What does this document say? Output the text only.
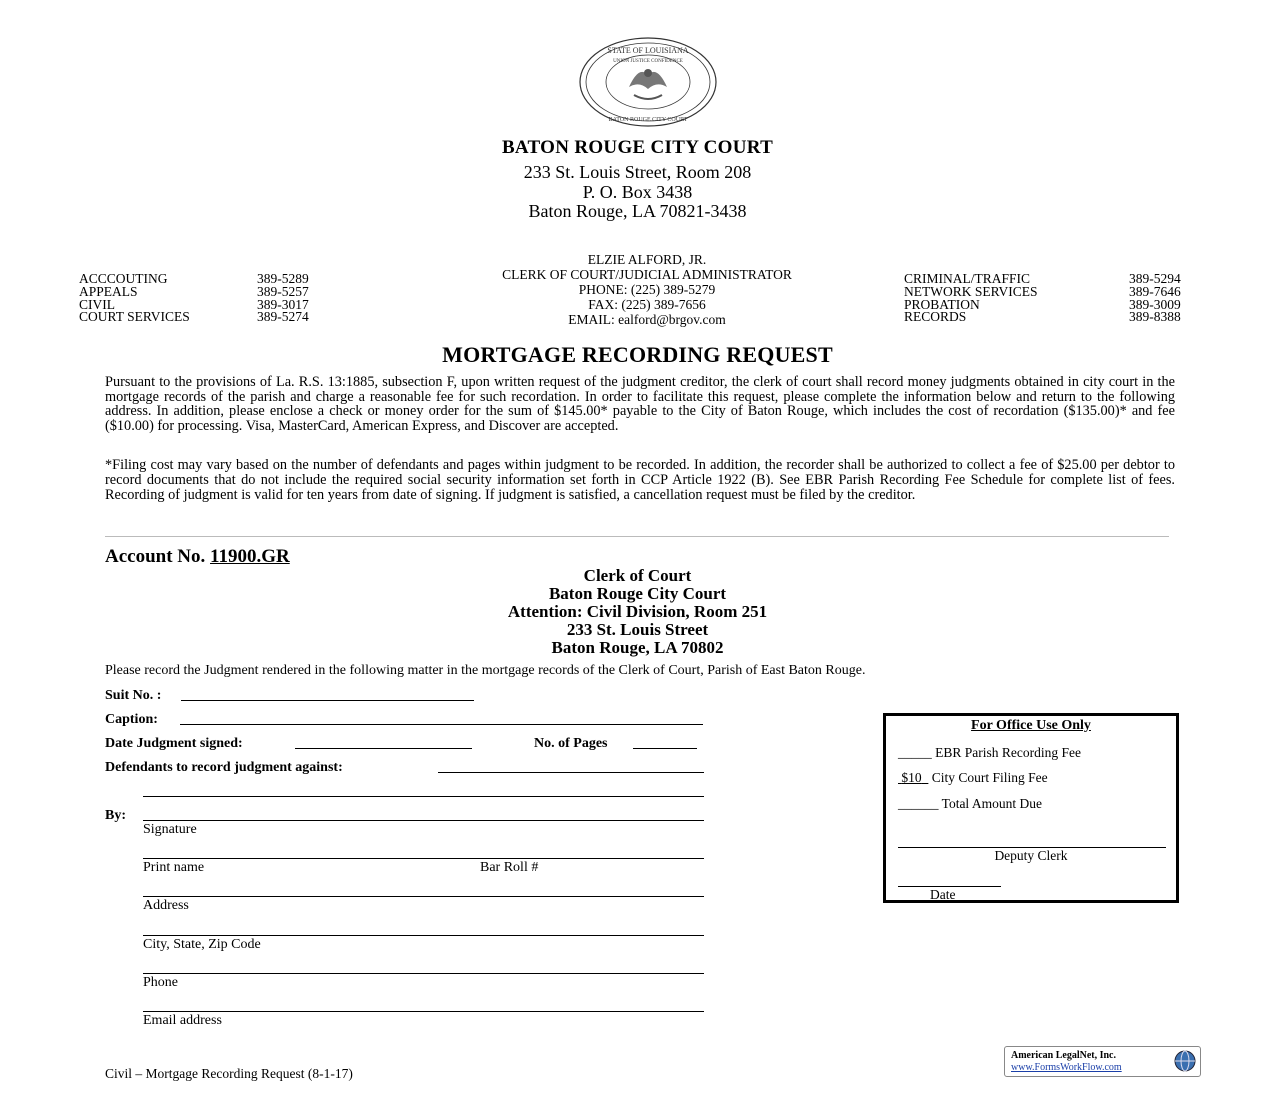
STATE OF LOUISIANA
UNION JUSTICE CONFIDENCE
BATON ROUGE CITY COURT
BATON ROUGE CITY COURT
233 St. Louis Street, Room 208
P. O. Box 3438
Baton Rouge, LA 70821-3438
ELZIE ALFORD, JR.
CLERK OF COURT/JUDICIAL ADMINISTRATOR
PHONE: (225) 389-5279
FAX: (225) 389-7656
EMAIL: ealford@brgov.com
ACCCOUTING	389-5289
APPEALS	389-5257
CIVIL	389-3017
COURT SERVICES	389-5274
CRIMINAL/TRAFFIC	389-5294
NETWORK SERVICES	389-7646
PROBATION	389-3009
RECORDS	389-8388
MORTGAGE RECORDING REQUEST
Pursuant to the provisions of La. R.S. 13:1885, subsection F, upon written request of the judgment creditor, the clerk of court shall record money judgments obtained in city court in the mortgage records of the parish and charge a reasonable fee for such recordation. In order to facilitate this request, please complete the information below and return to the following address. In addition, please enclose a check or money order for the sum of $145.00* payable to the City of Baton Rouge, which includes the cost of recordation ($135.00)* and fee ($10.00) for processing. Visa, MasterCard, American Express, and Discover are accepted.
*Filing cost may vary based on the number of defendants and pages within judgment to be recorded. In addition, the recorder shall be authorized to collect a fee of $25.00 per debtor to record documents that do not include the required social security information set forth in CCP Article 1922 (B). See EBR Parish Recording Fee Schedule for complete list of fees. Recording of judgment is valid for ten years from date of signing. If judgment is satisfied, a cancellation request must be filed by the creditor.
Account No. 11900.GR
Clerk of Court
Baton Rouge City Court
Attention: Civil Division, Room 251
233 St. Louis Street
Baton Rouge, LA 70802
Please record the Judgment rendered in the following matter in the mortgage records of the Clerk of Court, Parish of East Baton Rouge.
Suit No. :
Caption:
Date Judgment signed:	No. of Pages
Defendants to record judgment against:
By:
Signature
Print name	Bar Roll #
Address
City, State, Zip Code
Phone
Email address
For Office Use Only
_____ EBR Parish Recording Fee
$10 City Court Filing Fee
______ Total Amount Due
Deputy Clerk
Date
Civil – Mortgage Recording Request (8-1-17)
American LegalNet, Inc.
www.FormsWorkFlow.com
